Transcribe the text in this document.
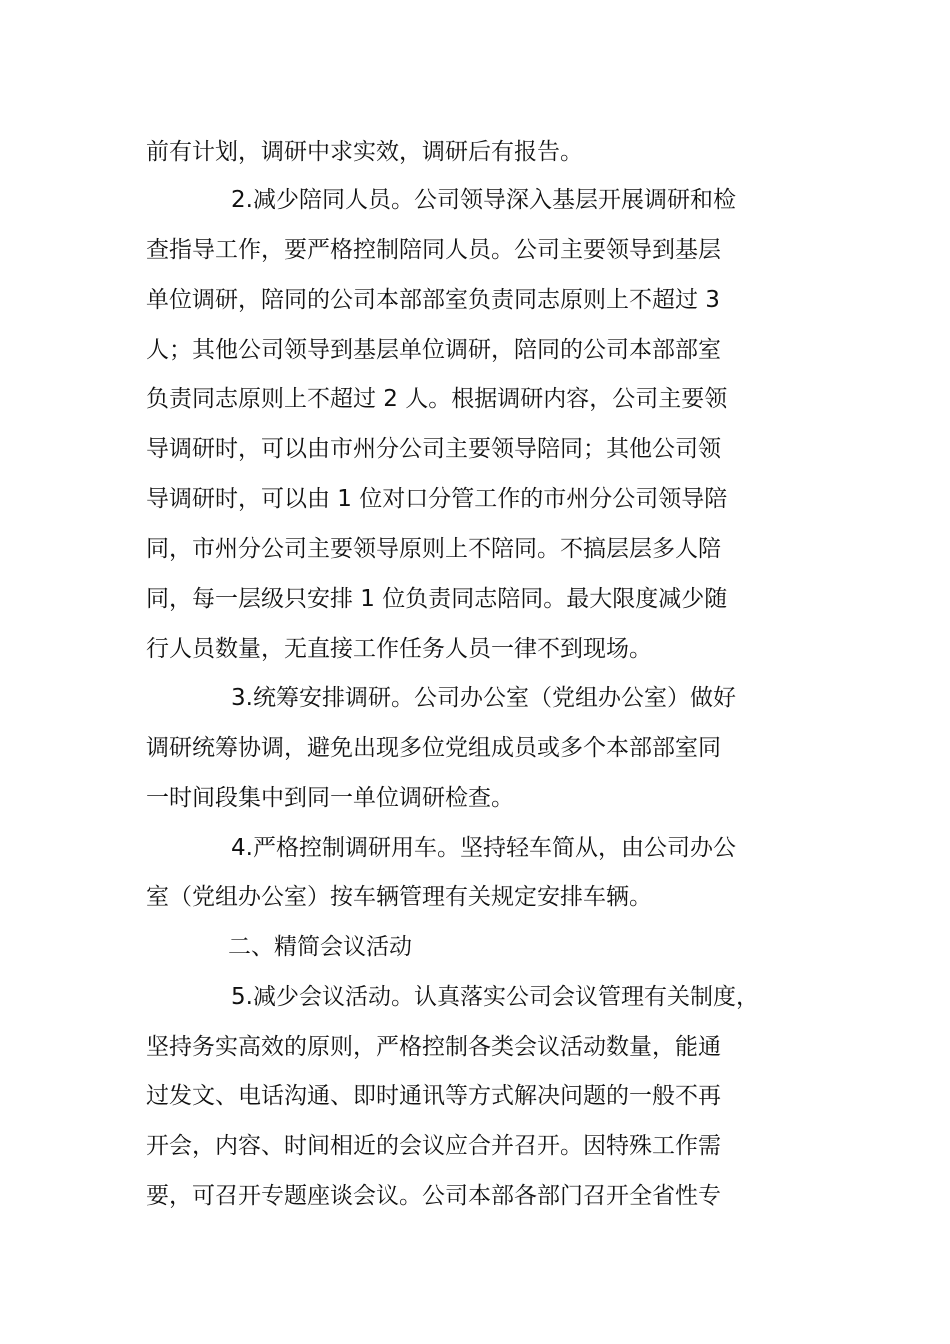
前有计划，调研中求实效，调研后有报告。
2.减少陪同人员。公司领导深入基层开展调研和检
查指导工作，要严格控制陪同人员。公司主要领导到基层
单位调研，陪同的公司本部部室负责同志原则上不超过 3
人；其他公司领导到基层单位调研，陪同的公司本部部室
负责同志原则上不超过 2 人。根据调研内容，公司主要领
导调研时，可以由市州分公司主要领导陪同；其他公司领
导调研时，可以由 1 位对口分管工作的市州分公司领导陪
同，市州分公司主要领导原则上不陪同。不搞层层多人陪
同，每一层级只安排 1 位负责同志陪同。最大限度减少随
行人员数量，无直接工作任务人员一律不到现场。
3.统筹安排调研。公司办公室（党组办公室）做好
调研统筹协调，避免出现多位党组成员或多个本部部室同
一时间段集中到同一单位调研检查。
4.严格控制调研用车。坚持轻车简从，由公司办公
室（党组办公室）按车辆管理有关规定安排车辆。
二、精简会议活动
5.减少会议活动。认真落实公司会议管理有关制度，
坚持务实高效的原则，严格控制各类会议活动数量，能通
过发文、电话沟通、即时通讯等方式解决问题的一般不再
开会，内容、时间相近的会议应合并召开。因特殊工作需
要，可召开专题座谈会议。公司本部各部门召开全省性专
